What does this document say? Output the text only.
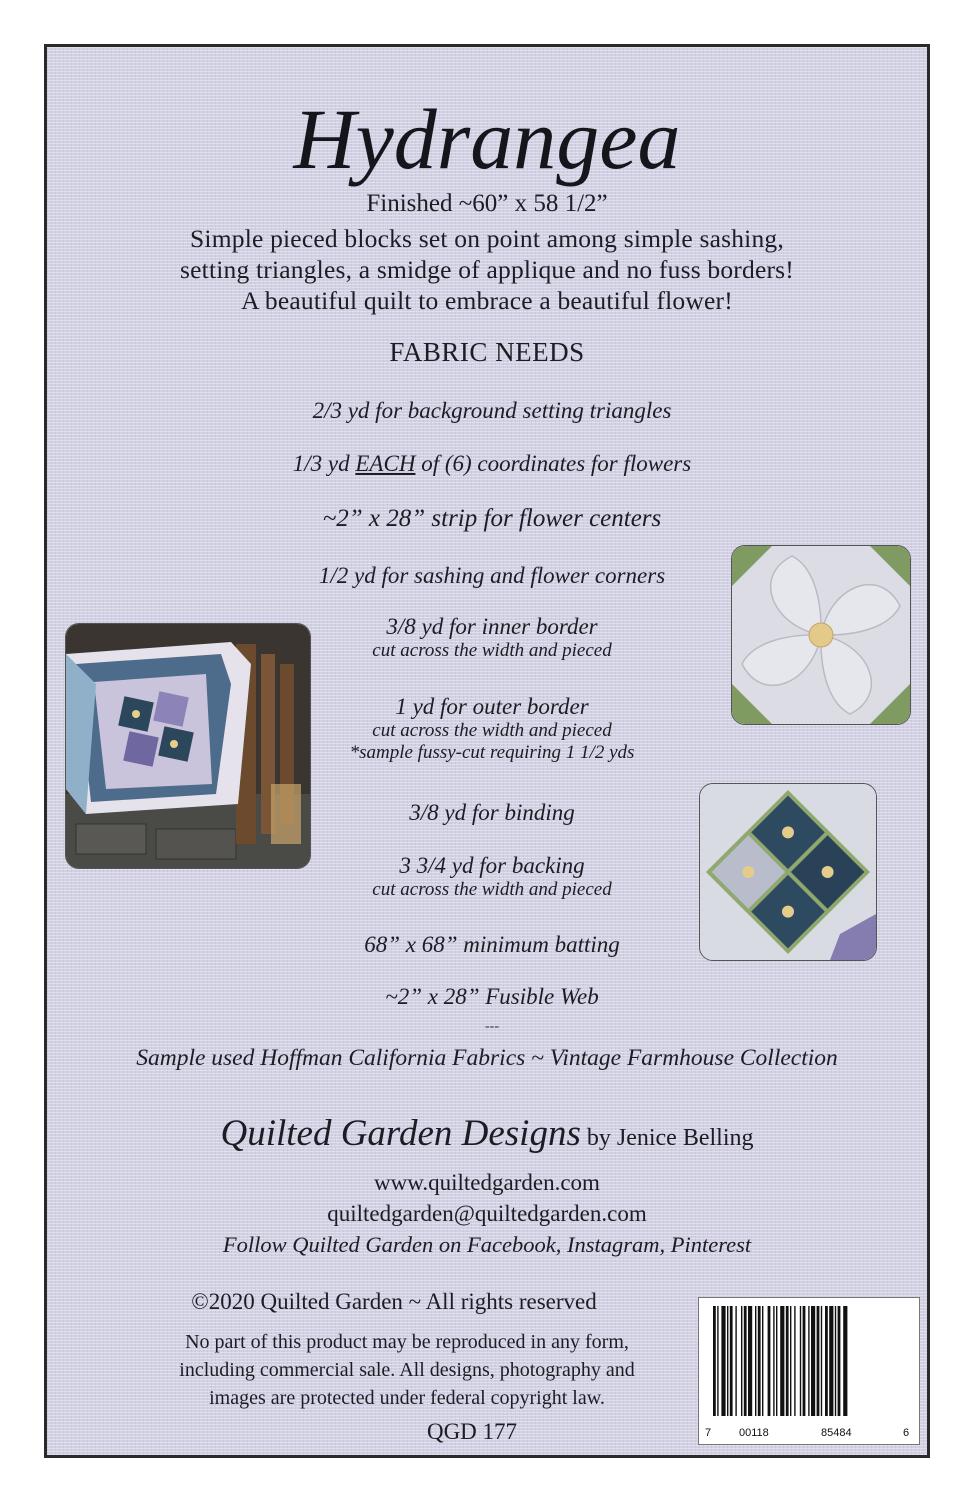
Hydrangea
Finished ~60” x 58 1/2”
Simple pieced blocks set on point among simple sashing,
setting triangles, a smidge of applique and no fuss borders!
A beautiful quilt to embrace a beautiful flower!
FABRIC NEEDS
2/3 yd for background setting triangles
1/3 yd EACH of (6) coordinates for flowers
~2” x 28” strip for flower centers
1/2 yd for sashing and flower corners
3/8 yd for inner border
cut across the width and pieced
1 yd for outer border
cut across the width and pieced
*sample fussy-cut requiring 1 1/2 yds
3/8 yd for binding
3 3/4 yd for backing
cut across the width and pieced
68” x 68” minimum batting
~2” x 28” Fusible Web
---
Sample used Hoffman California Fabrics ~ Vintage Farmhouse Collection
Quilted Garden Designs by Jenice Belling
www.quiltedgarden.com
quiltedgarden@quiltedgarden.com
Follow Quilted Garden on Facebook, Instagram, Pinterest
©2020 Quilted Garden ~ All rights reserved
No part of this product may be reproduced in any form,
including commercial sale. All designs, photography and
images are protected under federal copyright law.
QGD 177	7	00118	85484	6
